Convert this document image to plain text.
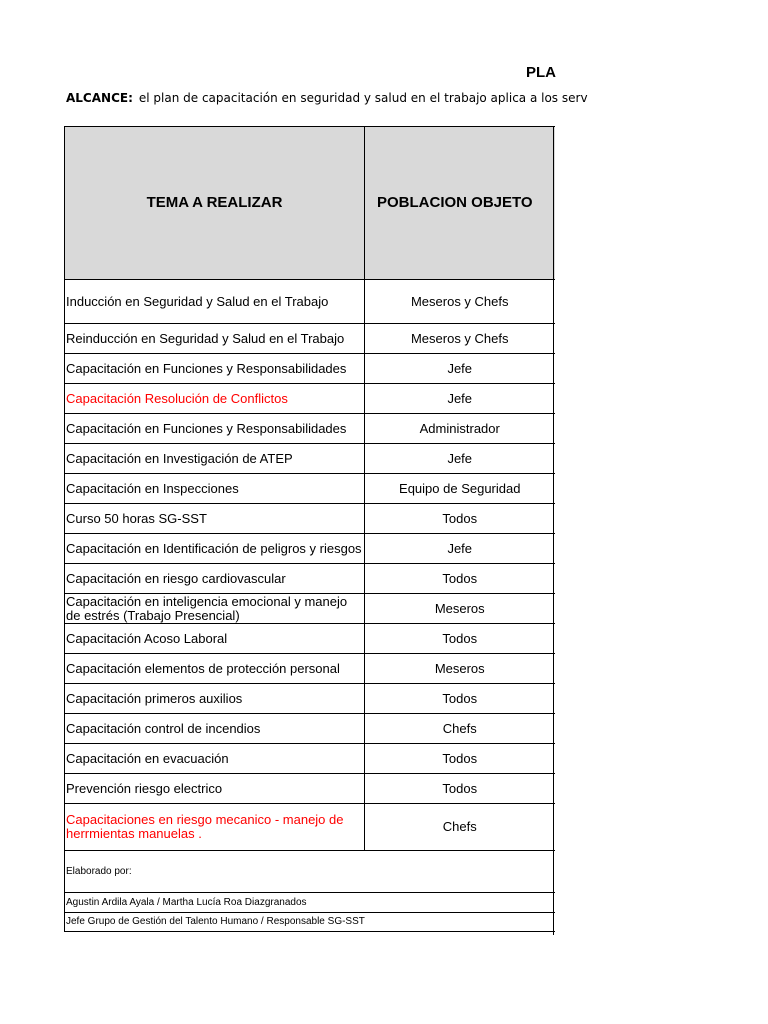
PLA
ALCANCE: el plan de capacitación en seguridad y salud en el trabajo aplica a los serv
TEMA A REALIZAR	POBLACION OBJETO
Inducción en Seguridad y Salud en el Trabajo	Meseros y Chefs
Reinducción en Seguridad y Salud en el Trabajo	Meseros y Chefs
Capacitación en Funciones y Responsabilidades	Jefe
Capacitación Resolución de Conflictos	Jefe
Capacitación en Funciones y Responsabilidades	Administrador
Capacitación en Investigación de ATEP	Jefe
Capacitación en Inspecciones	Equipo de Seguridad
Curso 50 horas SG-SST	Todos
Capacitación en Identificación de peligros y riesgos	Jefe
Capacitación en riesgo cardiovascular	Todos
Capacitación en inteligencia emocional y manejo de estrés (Trabajo Presencial)	Meseros
Capacitación Acoso Laboral	Todos
Capacitación elementos de protección personal	Meseros
Capacitación primeros auxilios	Todos
Capacitación control de incendios	Chefs
Capacitación en evacuación	Todos
Prevención riesgo electrico	Todos
Capacitaciones en riesgo mecanico - manejo de herrmientas manuelas .	Chefs
Elaborado por:	
Agustin Ardila Ayala / Martha Lucía Roa Diazgranados	
Jefe Grupo de Gestión del Talento Humano / Responsable SG-SST	
